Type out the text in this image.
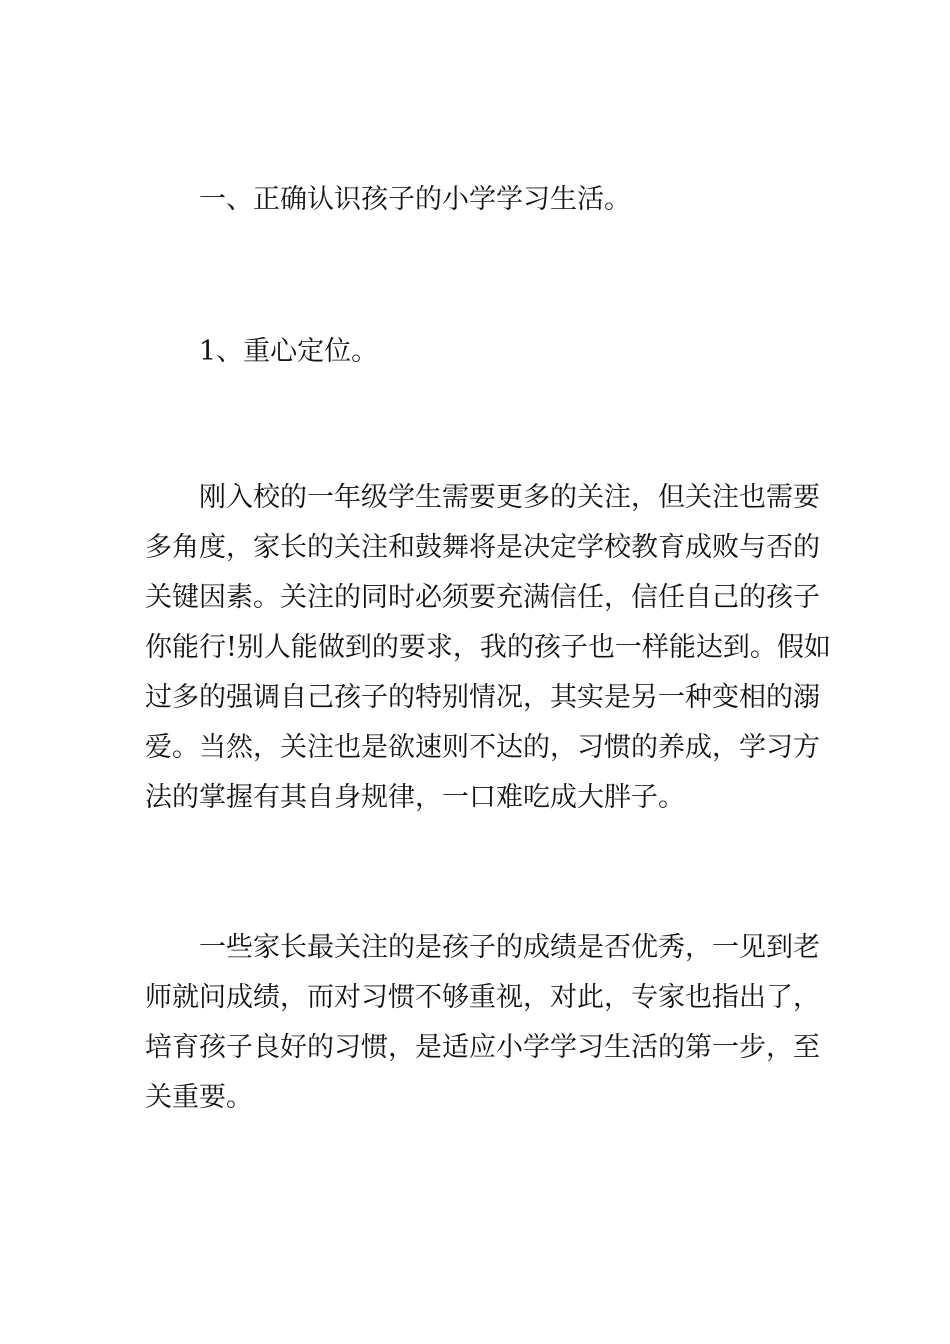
一、正确认识孩子的小学学习生活。
1、重心定位。
刚入校的一年级学生需要更多的关注，但关注也需要
多角度，家长的关注和鼓舞将是决定学校教育成败与否的
关键因素。关注的同时必须要充满信任，信任自己的孩子
你能行!别人能做到的要求，我的孩子也一样能达到。假如
过多的强调自己孩子的特别情况，其实是另一种变相的溺
爱。当然，关注也是欲速则不达的，习惯的养成，学习方
法的掌握有其自身规律，一口难吃成大胖子。
一些家长最关注的是孩子的成绩是否优秀，一见到老
师就问成绩，而对习惯不够重视，对此，专家也指出了，
培育孩子良好的习惯，是适应小学学习生活的第一步，至
关重要。
